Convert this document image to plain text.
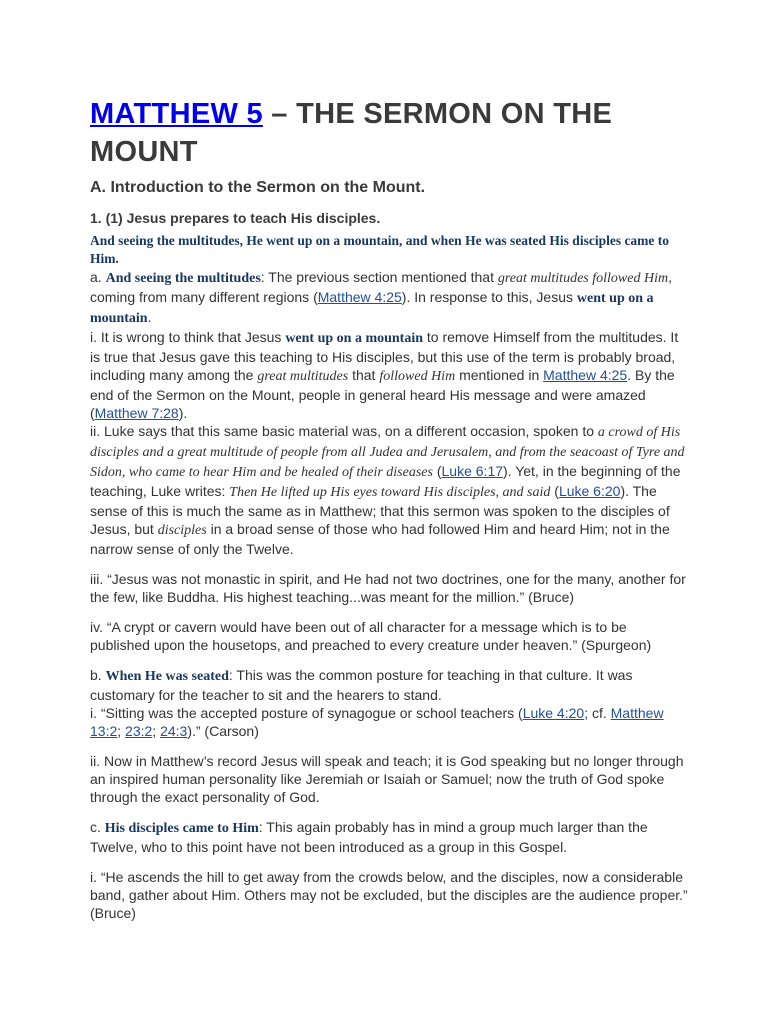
MATTHEW 5 – THE SERMON ON THE MOUNT
A. Introduction to the Sermon on the Mount.
1. (1) Jesus prepares to teach His disciples.

And seeing the multitudes, He went up on a mountain, and when He was seated His disciples came to Him.

a. And seeing the multitudes: The previous section mentioned that great multitudes followed Him, coming from many different regions (Matthew 4:25). In response to this, Jesus went up on a mountain.

i. It is wrong to think that Jesus went up on a mountain to remove Himself from the multitudes. It is true that Jesus gave this teaching to His disciples, but this use of the term is probably broad, including many among the great multitudes that followed Him mentioned in Matthew 4:25. By the end of the Sermon on the Mount, people in general heard His message and were amazed (Matthew 7:28).

ii. Luke says that this same basic material was, on a different occasion, spoken to a crowd of His disciples and a great multitude of people from all Judea and Jerusalem, and from the seacoast of Tyre and Sidon, who came to hear Him and be healed of their diseases (Luke 6:17). Yet, in the beginning of the teaching, Luke writes: Then He lifted up His eyes toward His disciples, and said (Luke 6:20). The sense of this is much the same as in Matthew; that this sermon was spoken to the disciples of Jesus, but disciples in a broad sense of those who had followed Him and heard Him; not in the narrow sense of only the Twelve.

iii. “Jesus was not monastic in spirit, and He had not two doctrines, one for the many, another for the few, like Buddha. His highest teaching...was meant for the million.” (Bruce)

iv. “A crypt or cavern would have been out of all character for a message which is to be published upon the housetops, and preached to every creature under heaven.” (Spurgeon)

b. When He was seated: This was the common posture for teaching in that culture. It was customary for the teacher to sit and the hearers to stand.

i. “Sitting was the accepted posture of synagogue or school teachers (Luke 4:20; cf. Matthew 13:2; 23:2; 24:3).” (Carson)

ii. Now in Matthew’s record Jesus will speak and teach; it is God speaking but no longer through an inspired human personality like Jeremiah or Isaiah or Samuel; now the truth of God spoke through the exact personality of God.

c. His disciples came to Him: This again probably has in mind a group much larger than the Twelve, who to this point have not been introduced as a group in this Gospel.

i. “He ascends the hill to get away from the crowds below, and the disciples, now a considerable band, gather about Him. Others may not be excluded, but the disciples are the audience proper.” (Bruce)
